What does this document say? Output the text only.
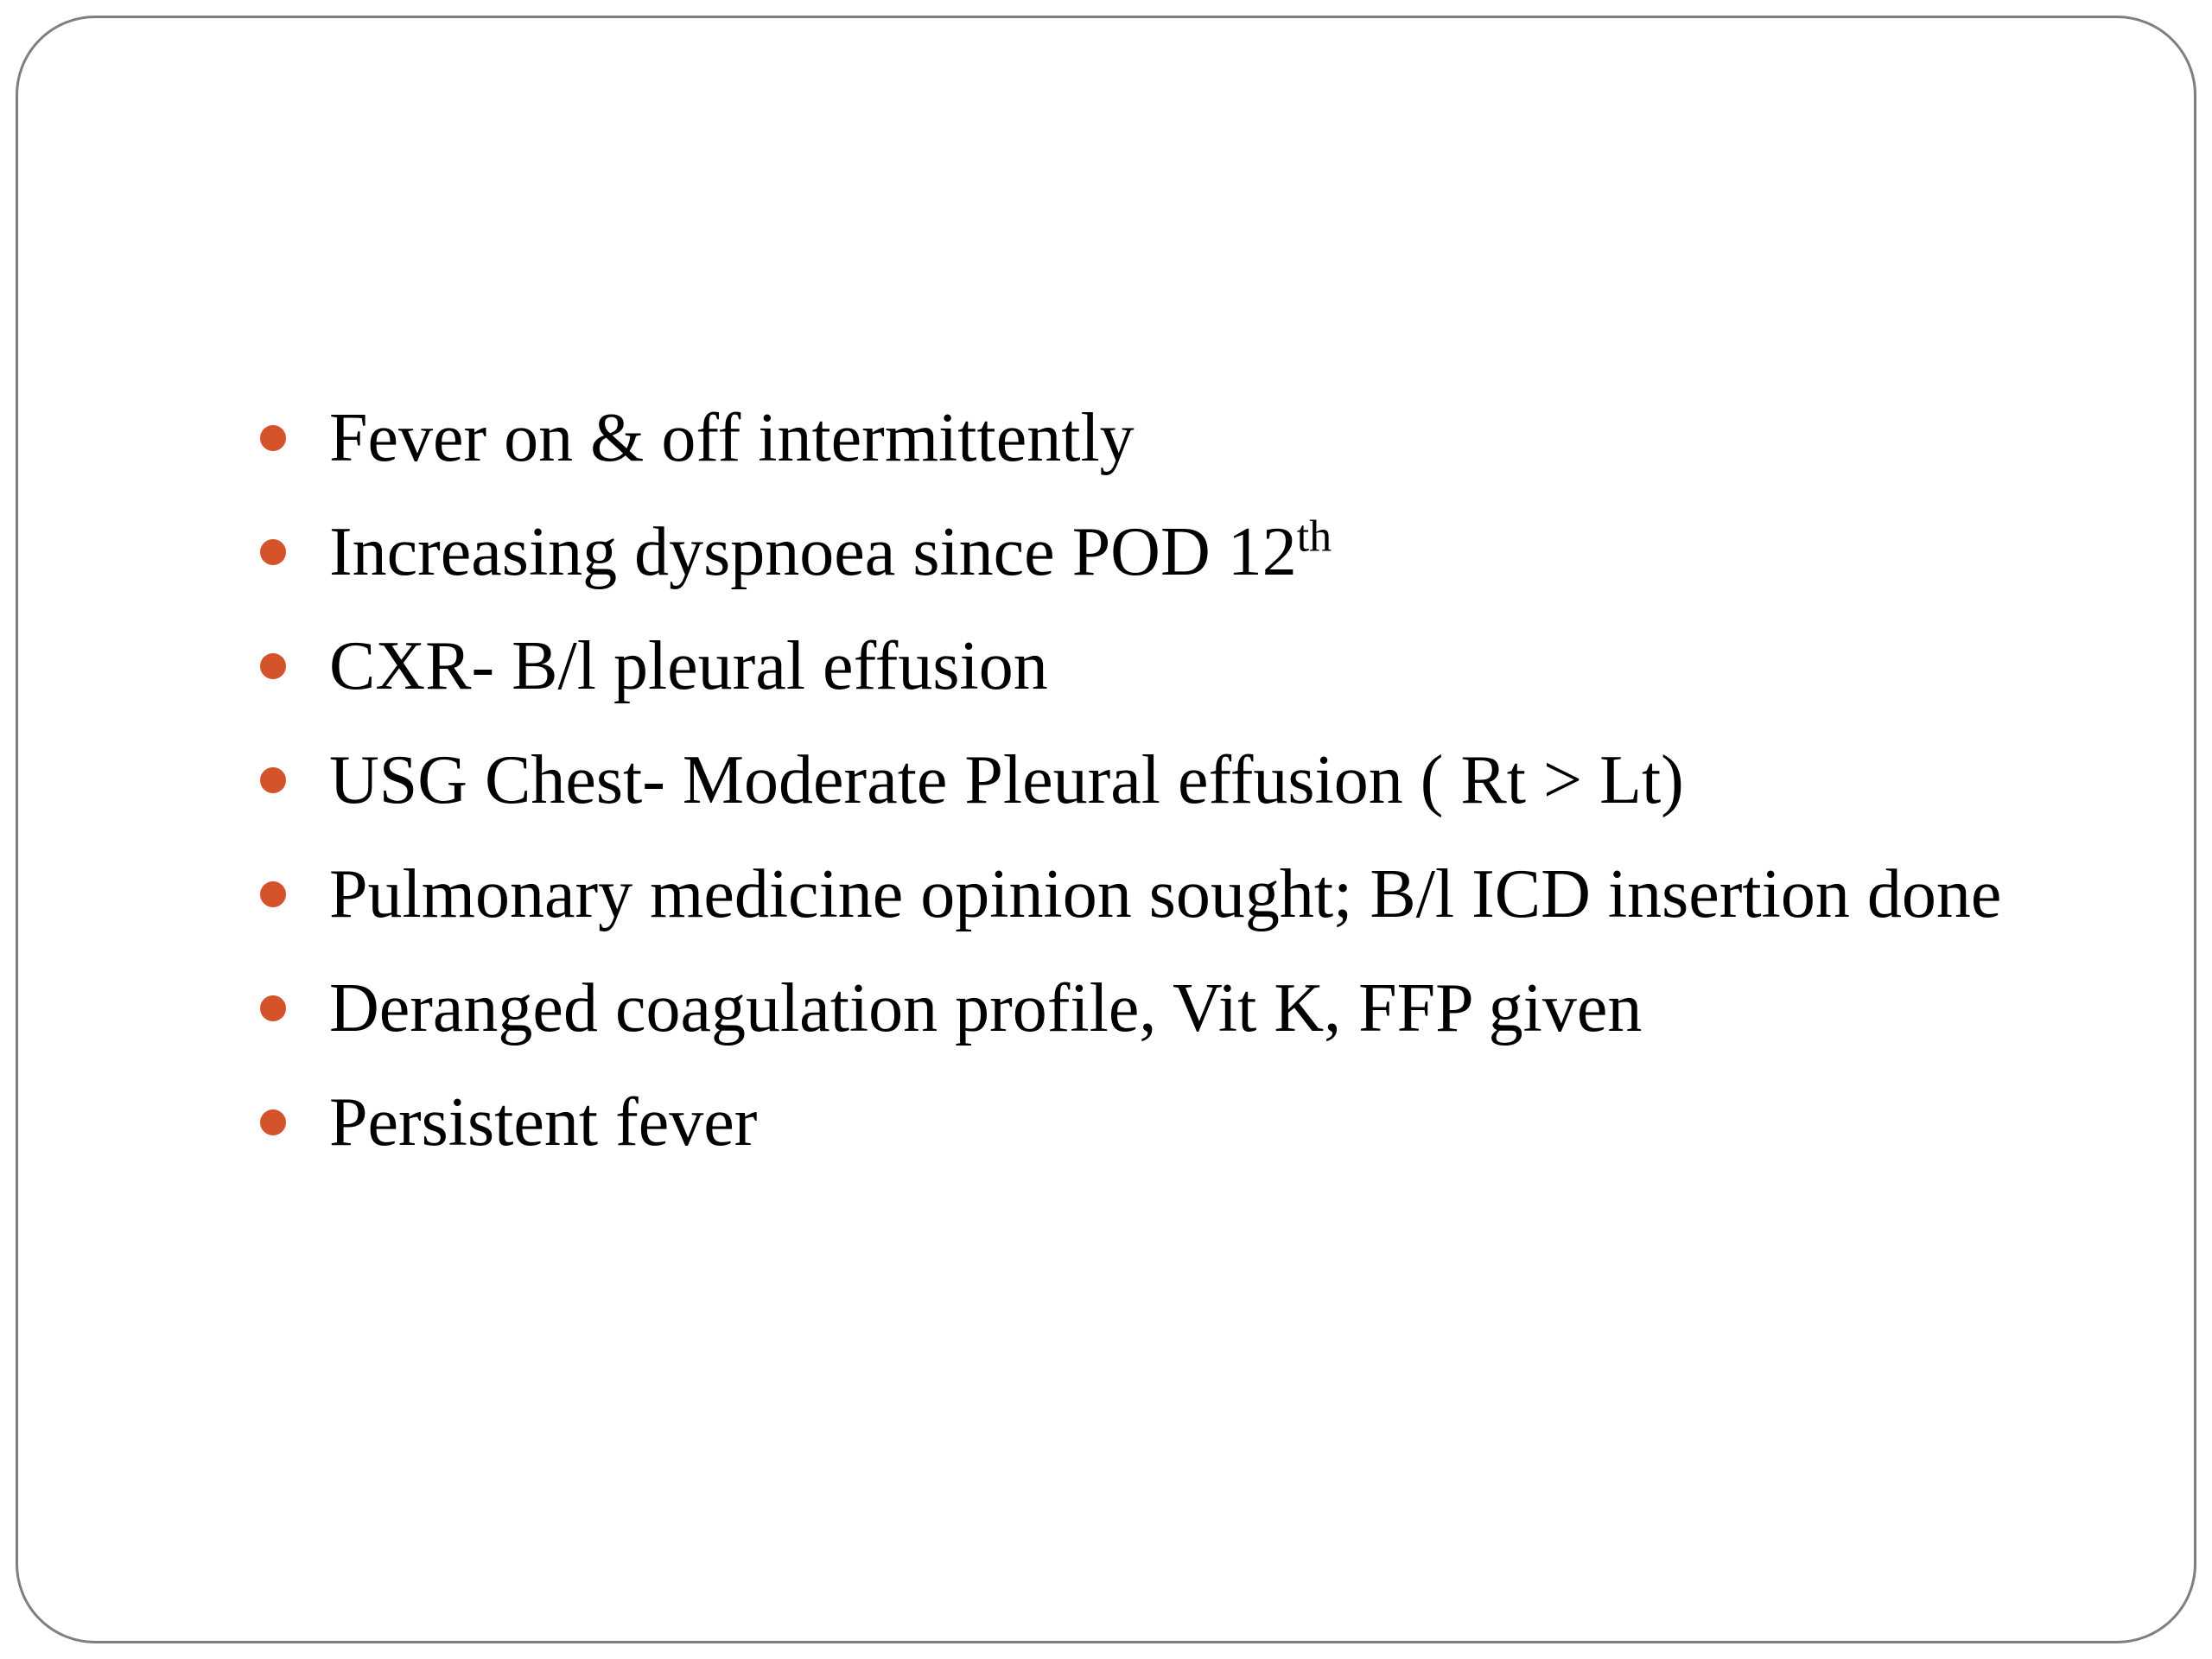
Fever on & off intermittently
Increasing dyspnoea since POD 12th
CXR- B/l pleural effusion
USG Chest- Moderate Pleural effusion ( Rt > Lt)
Pulmonary medicine opinion sought; B/l ICD insertion done
Deranged coagulation profile, Vit K, FFP given
Persistent fever
